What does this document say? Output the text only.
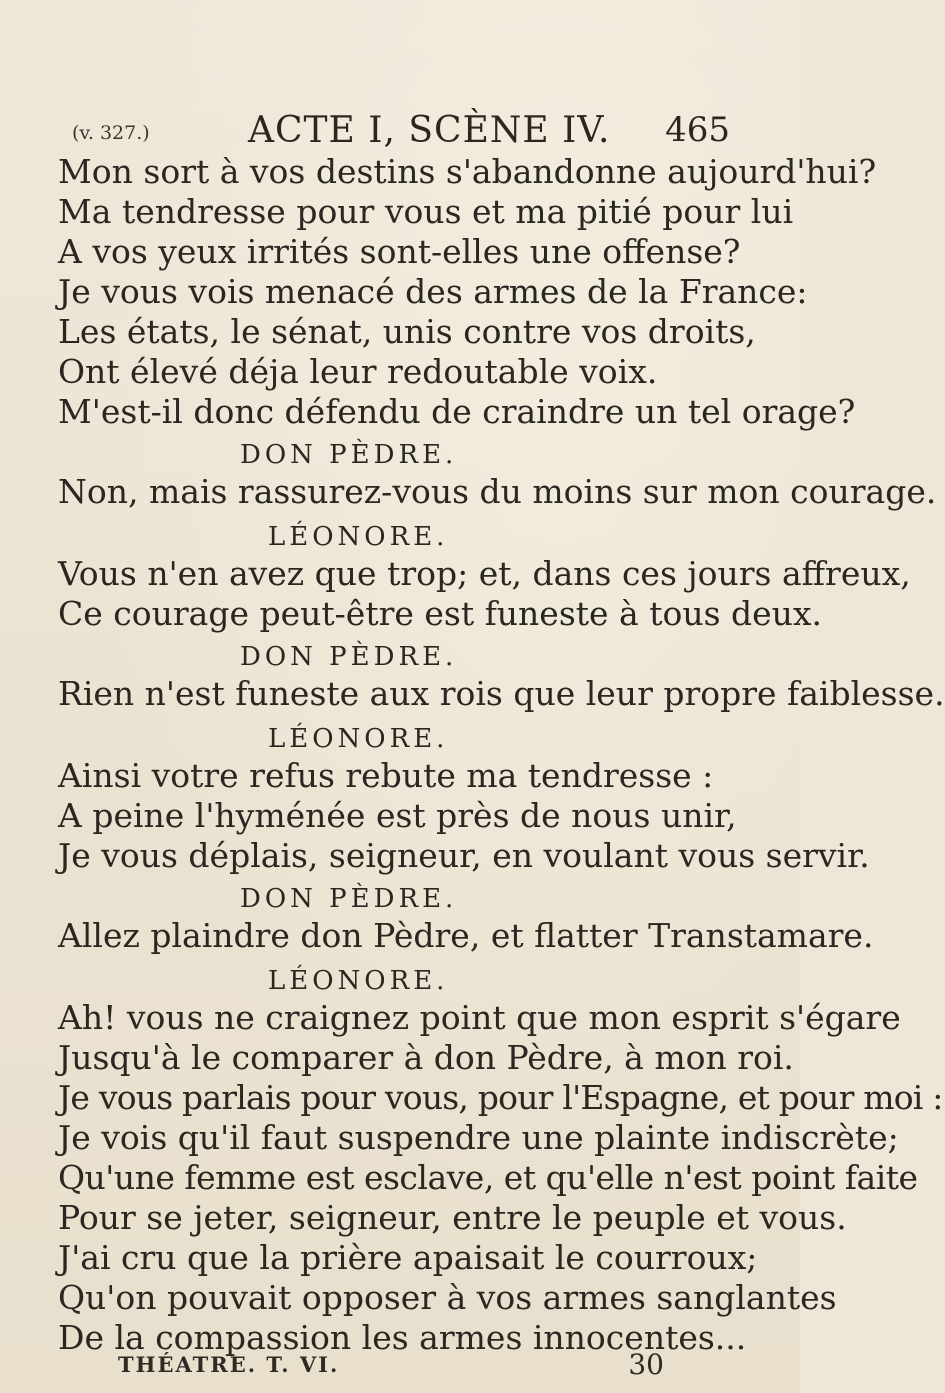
(v. 327.)	ACTE I, SCÈNE IV. 465
Mon sort à vos destins s'abandonne aujourd'hui?
Ma tendresse pour vous et ma pitié pour lui
A vos yeux irrités sont-elles une offense?
Je vous vois menacé des armes de la France:
Les états, le sénat, unis contre vos droits,
Ont élevé déja leur redoutable voix.
M'est-il donc défendu de craindre un tel orage?
DON PÈDRE.
Non, mais rassurez-vous du moins sur mon courage.
LÉONORE.
Vous n'en avez que trop; et, dans ces jours affreux,
Ce courage peut-être est funeste à tous deux.
DON PÈDRE.
Rien n'est funeste aux rois que leur propre faiblesse.
LÉONORE.
Ainsi votre refus rebute ma tendresse :
A peine l'hyménée est près de nous unir,
Je vous déplais, seigneur, en voulant vous servir.
DON PÈDRE.
Allez plaindre don Pèdre, et flatter Transtamare.
LÉONORE.
Ah! vous ne craignez point que mon esprit s'égare
Jusqu'à le comparer à don Pèdre, à mon roi.
Je vous parlais pour vous, pour l'Espagne, et pour moi :
Je vois qu'il faut suspendre une plainte indiscrète;
Qu'une femme est esclave, et qu'elle n'est point faite
Pour se jeter, seigneur, entre le peuple et vous.
J'ai cru que la prière apaisait le courroux;
Qu'on pouvait opposer à vos armes sanglantes
De la compassion les armes innocentes...
THÉATRE. T. VI.	30
